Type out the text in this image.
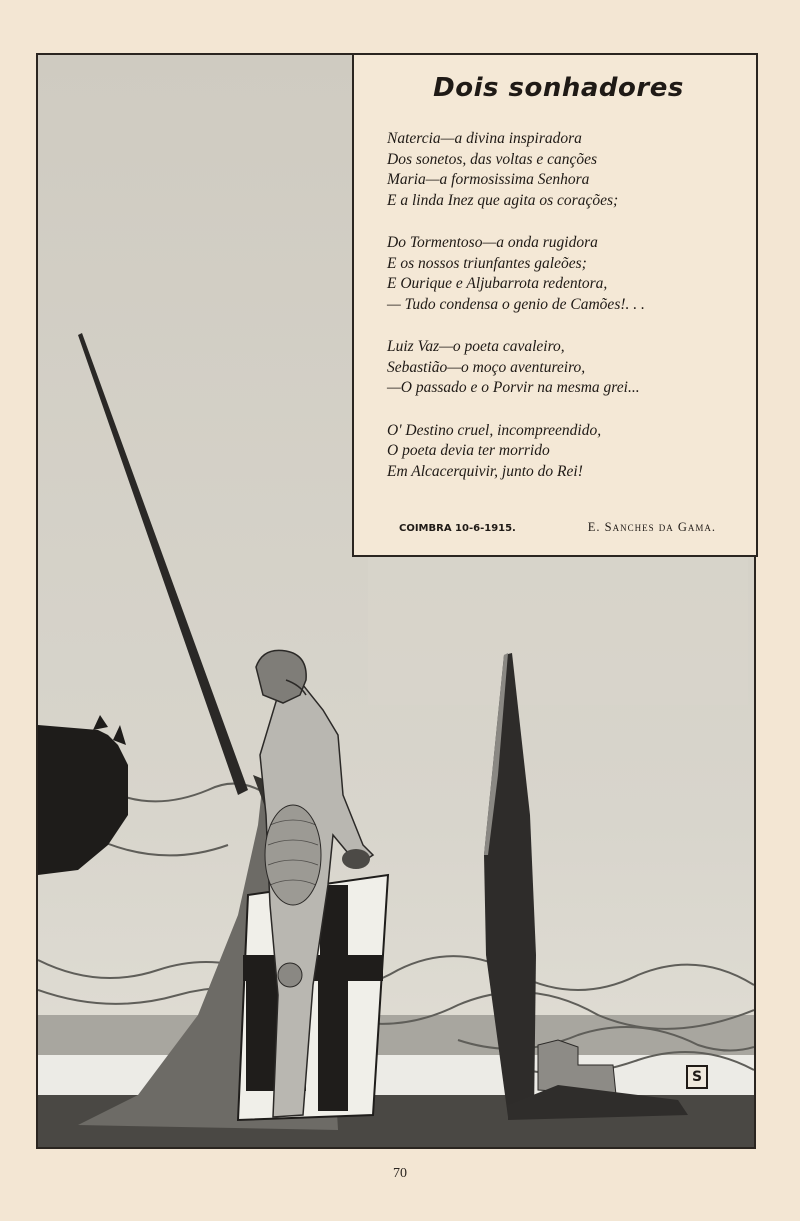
Dois sonhadores
Natercia—a divina inspiradora
Dos sonetos, das voltas e canções
Maria—a formosissima Senhora
E a linda Inez que agita os corações;
Do Tormentoso—a onda rugidora
E os nossos triunfantes galeões;
E Ourique e Aljubarrota redentora,
— Tudo condensa o genio de Camões!. . .
Luiz Vaz—o poeta cavaleiro,
Sebastião—o moço aventureiro,
—O passado e o Porvir na mesma grei...
O' Destino cruel, incompreendido,
O poeta devia ter morrido
Em Alcacerquivir, junto do Rei!
COIMBRA 10-6-1915.	E. Sanches da Gama.
S
70
